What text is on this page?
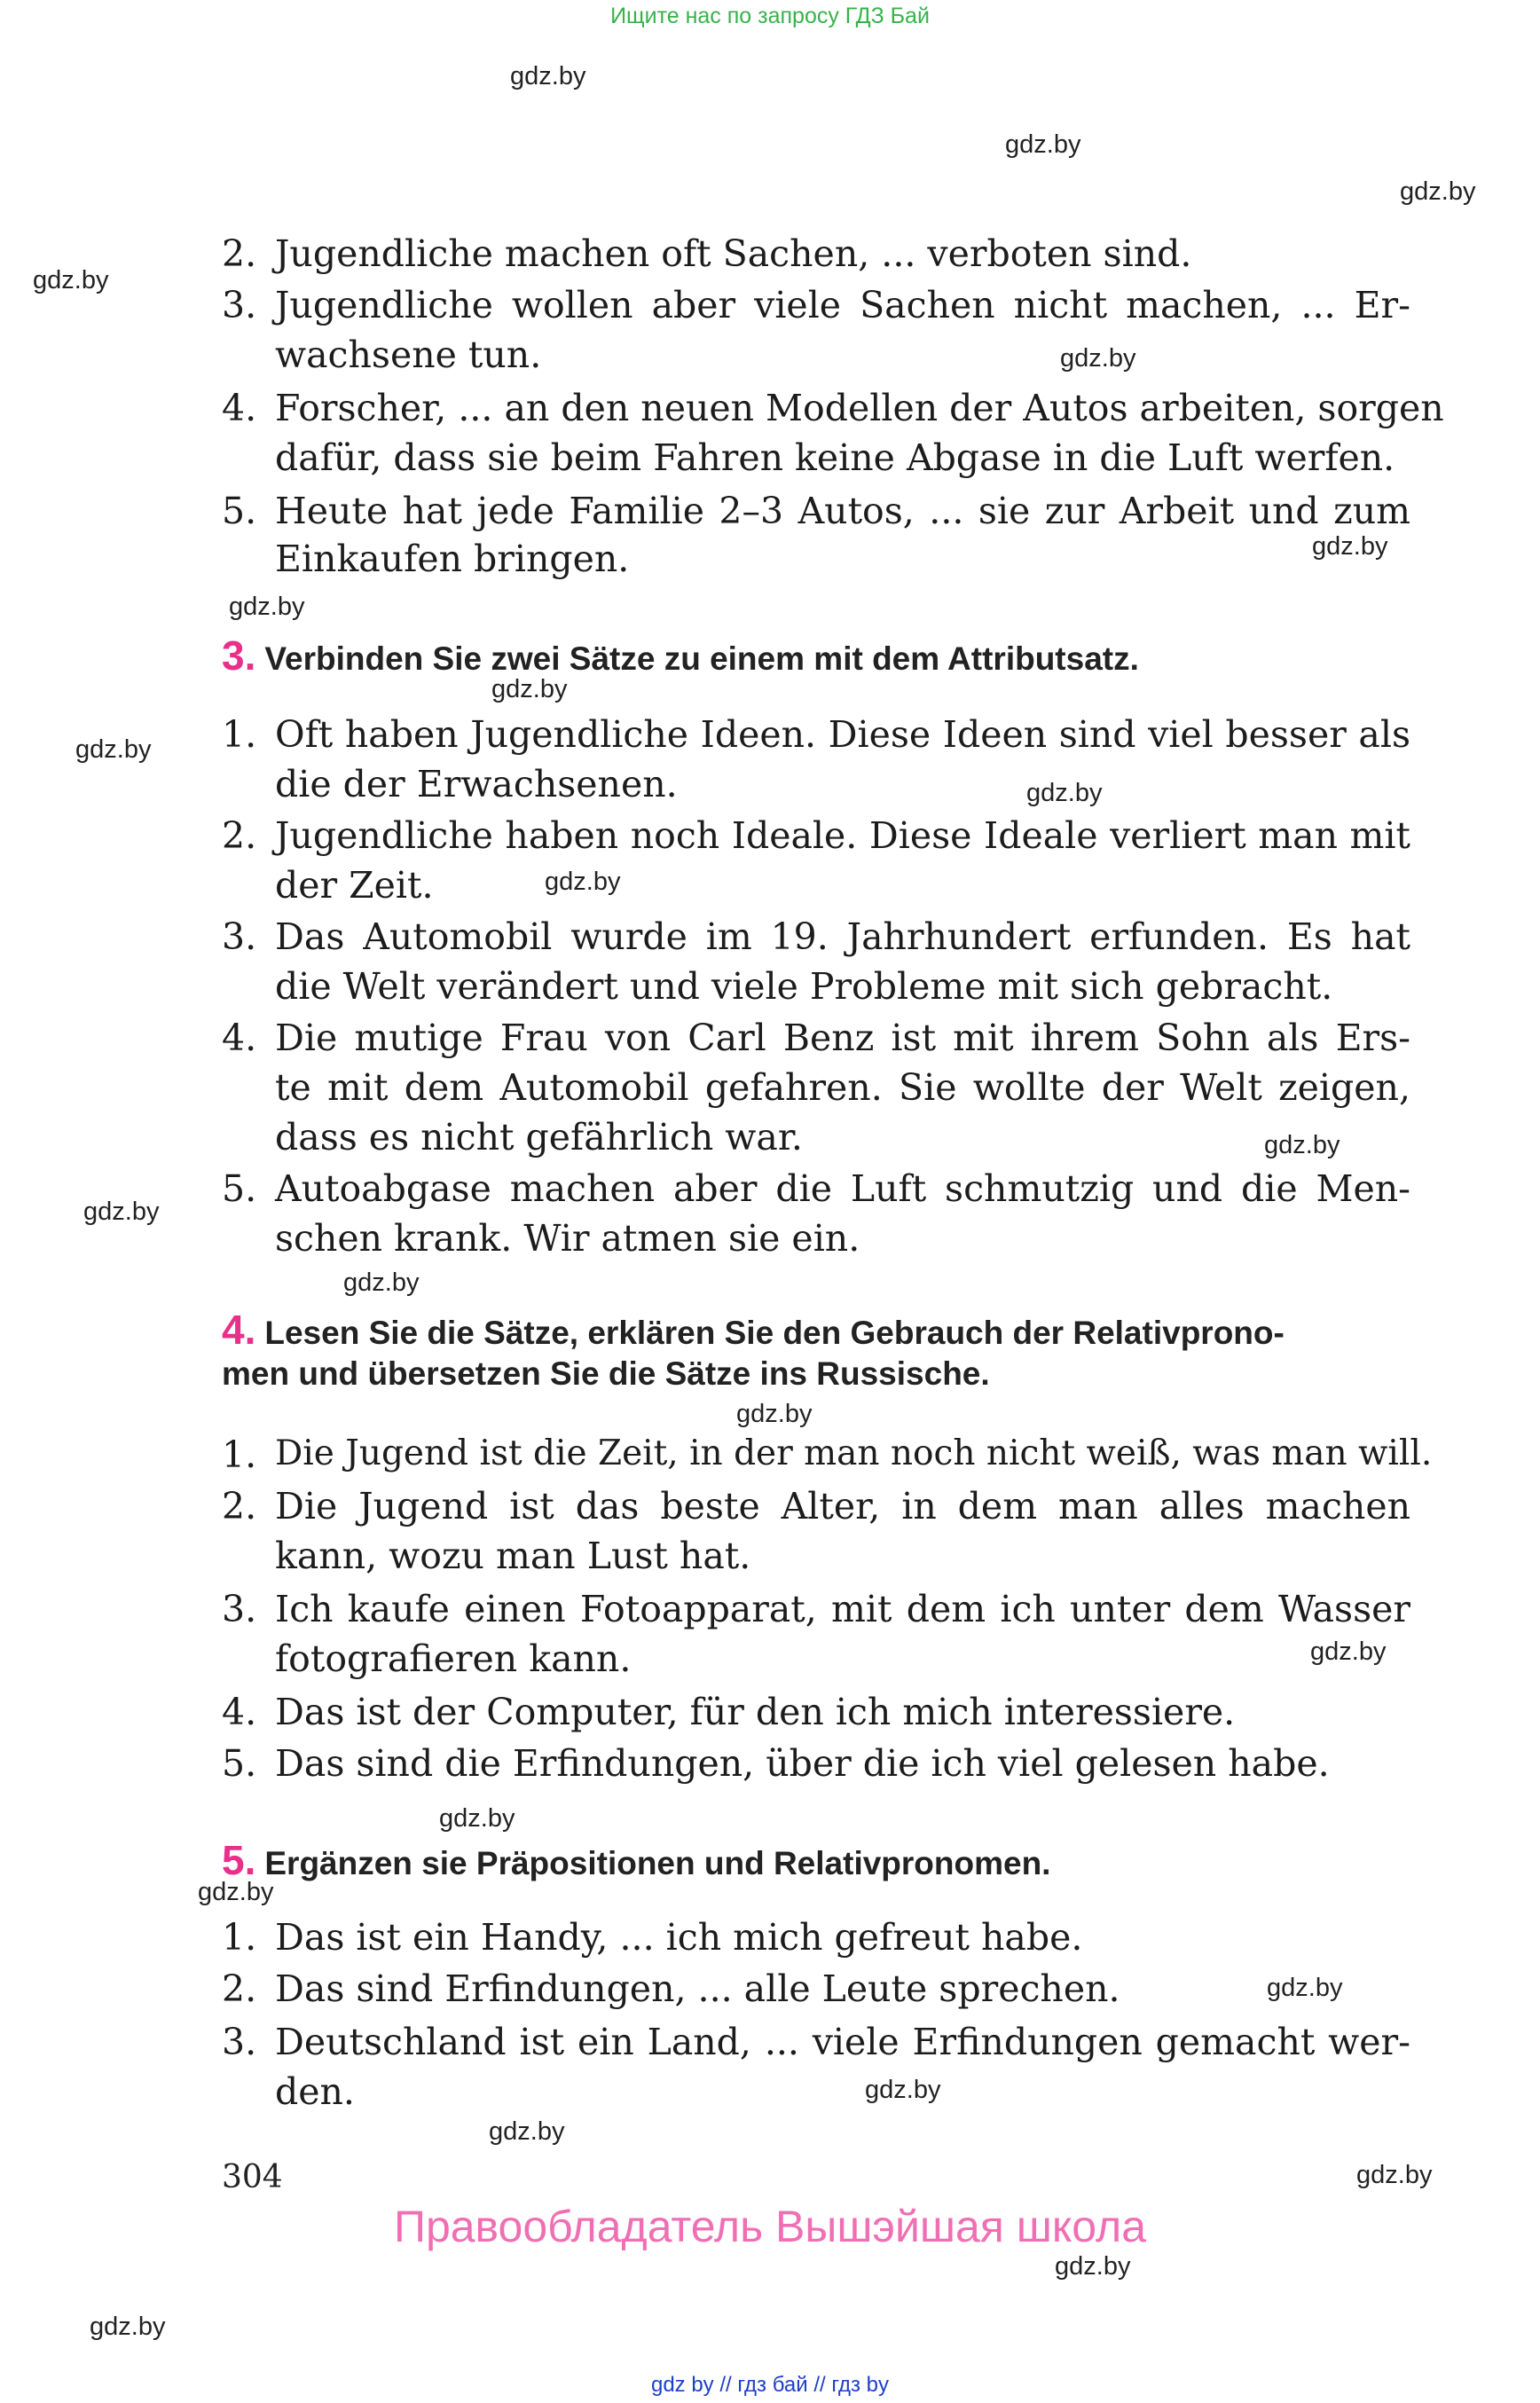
Ищите нас по запросу ГДЗ Бай
gdz.by
gdz.by
gdz.by
gdz.by
gdz.by
gdz.by
gdz.by
gdz.by
gdz.by
gdz.by
gdz.by
gdz.by
gdz.by
gdz.by
gdz.by
gdz.by
gdz.by
gdz.by
gdz.by
gdz.by
gdz.by
gdz.by
gdz.by
gdz.by
2. Jugendliche machen oft Sachen, ... verboten sind.
3. Jugendliche wollen aber viele Sachen nicht machen, ... Er-
wachsene tun.
4. Forscher, ... an den neuen Modellen der Autos arbeiten, sorgen
dafür, dass sie beim Fahren keine Abgase in die Luft werfen.
5. Heute hat jede Familie 2–3 Autos, ... sie zur Arbeit und zum
Einkaufen bringen.
3. Verbinden Sie zwei Sätze zu einem mit dem Attributsatz.
1. Oft haben Jugendliche Ideen. Diese Ideen sind viel besser als
die der Erwachsenen.
2. Jugendliche haben noch Ideale. Diese Ideale verliert man mit
der Zeit.
3. Das Automobil wurde im 19. Jahrhundert erfunden. Es hat
die Welt verändert und viele Probleme mit sich gebracht.
4. Die mutige Frau von Carl Benz ist mit ihrem Sohn als Ers-
te mit dem Automobil gefahren. Sie wollte der Welt zeigen,
dass es nicht gefährlich war.
5. Autoabgase machen aber die Luft schmutzig und die Men-
schen krank. Wir atmen sie ein.
4. Lesen Sie die Sätze, erklären Sie den Gebrauch der Relativprono-
men und übersetzen Sie die Sätze ins Russische.
1. Die Jugend ist die Zeit, in der man noch nicht weiß, was man will.
2. Die Jugend ist das beste Alter, in dem man alles machen
kann, wozu man Lust hat.
3. Ich kaufe einen Fotoapparat, mit dem ich unter dem Wasser
fotografieren kann.
4. Das ist der Computer, für den ich mich interessiere.
5. Das sind die Erfindungen, über die ich viel gelesen habe.
5. Ergänzen sie Präpositionen und Relativpronomen.
1. Das ist ein Handy, ... ich mich gefreut habe.
2. Das sind Erfindungen, ... alle Leute sprechen.
3. Deutschland ist ein Land, ... viele Erfindungen gemacht wer-
den.
304
Правообладатель Вышэйшая школа
gdz by // гдз бай // гдз by
